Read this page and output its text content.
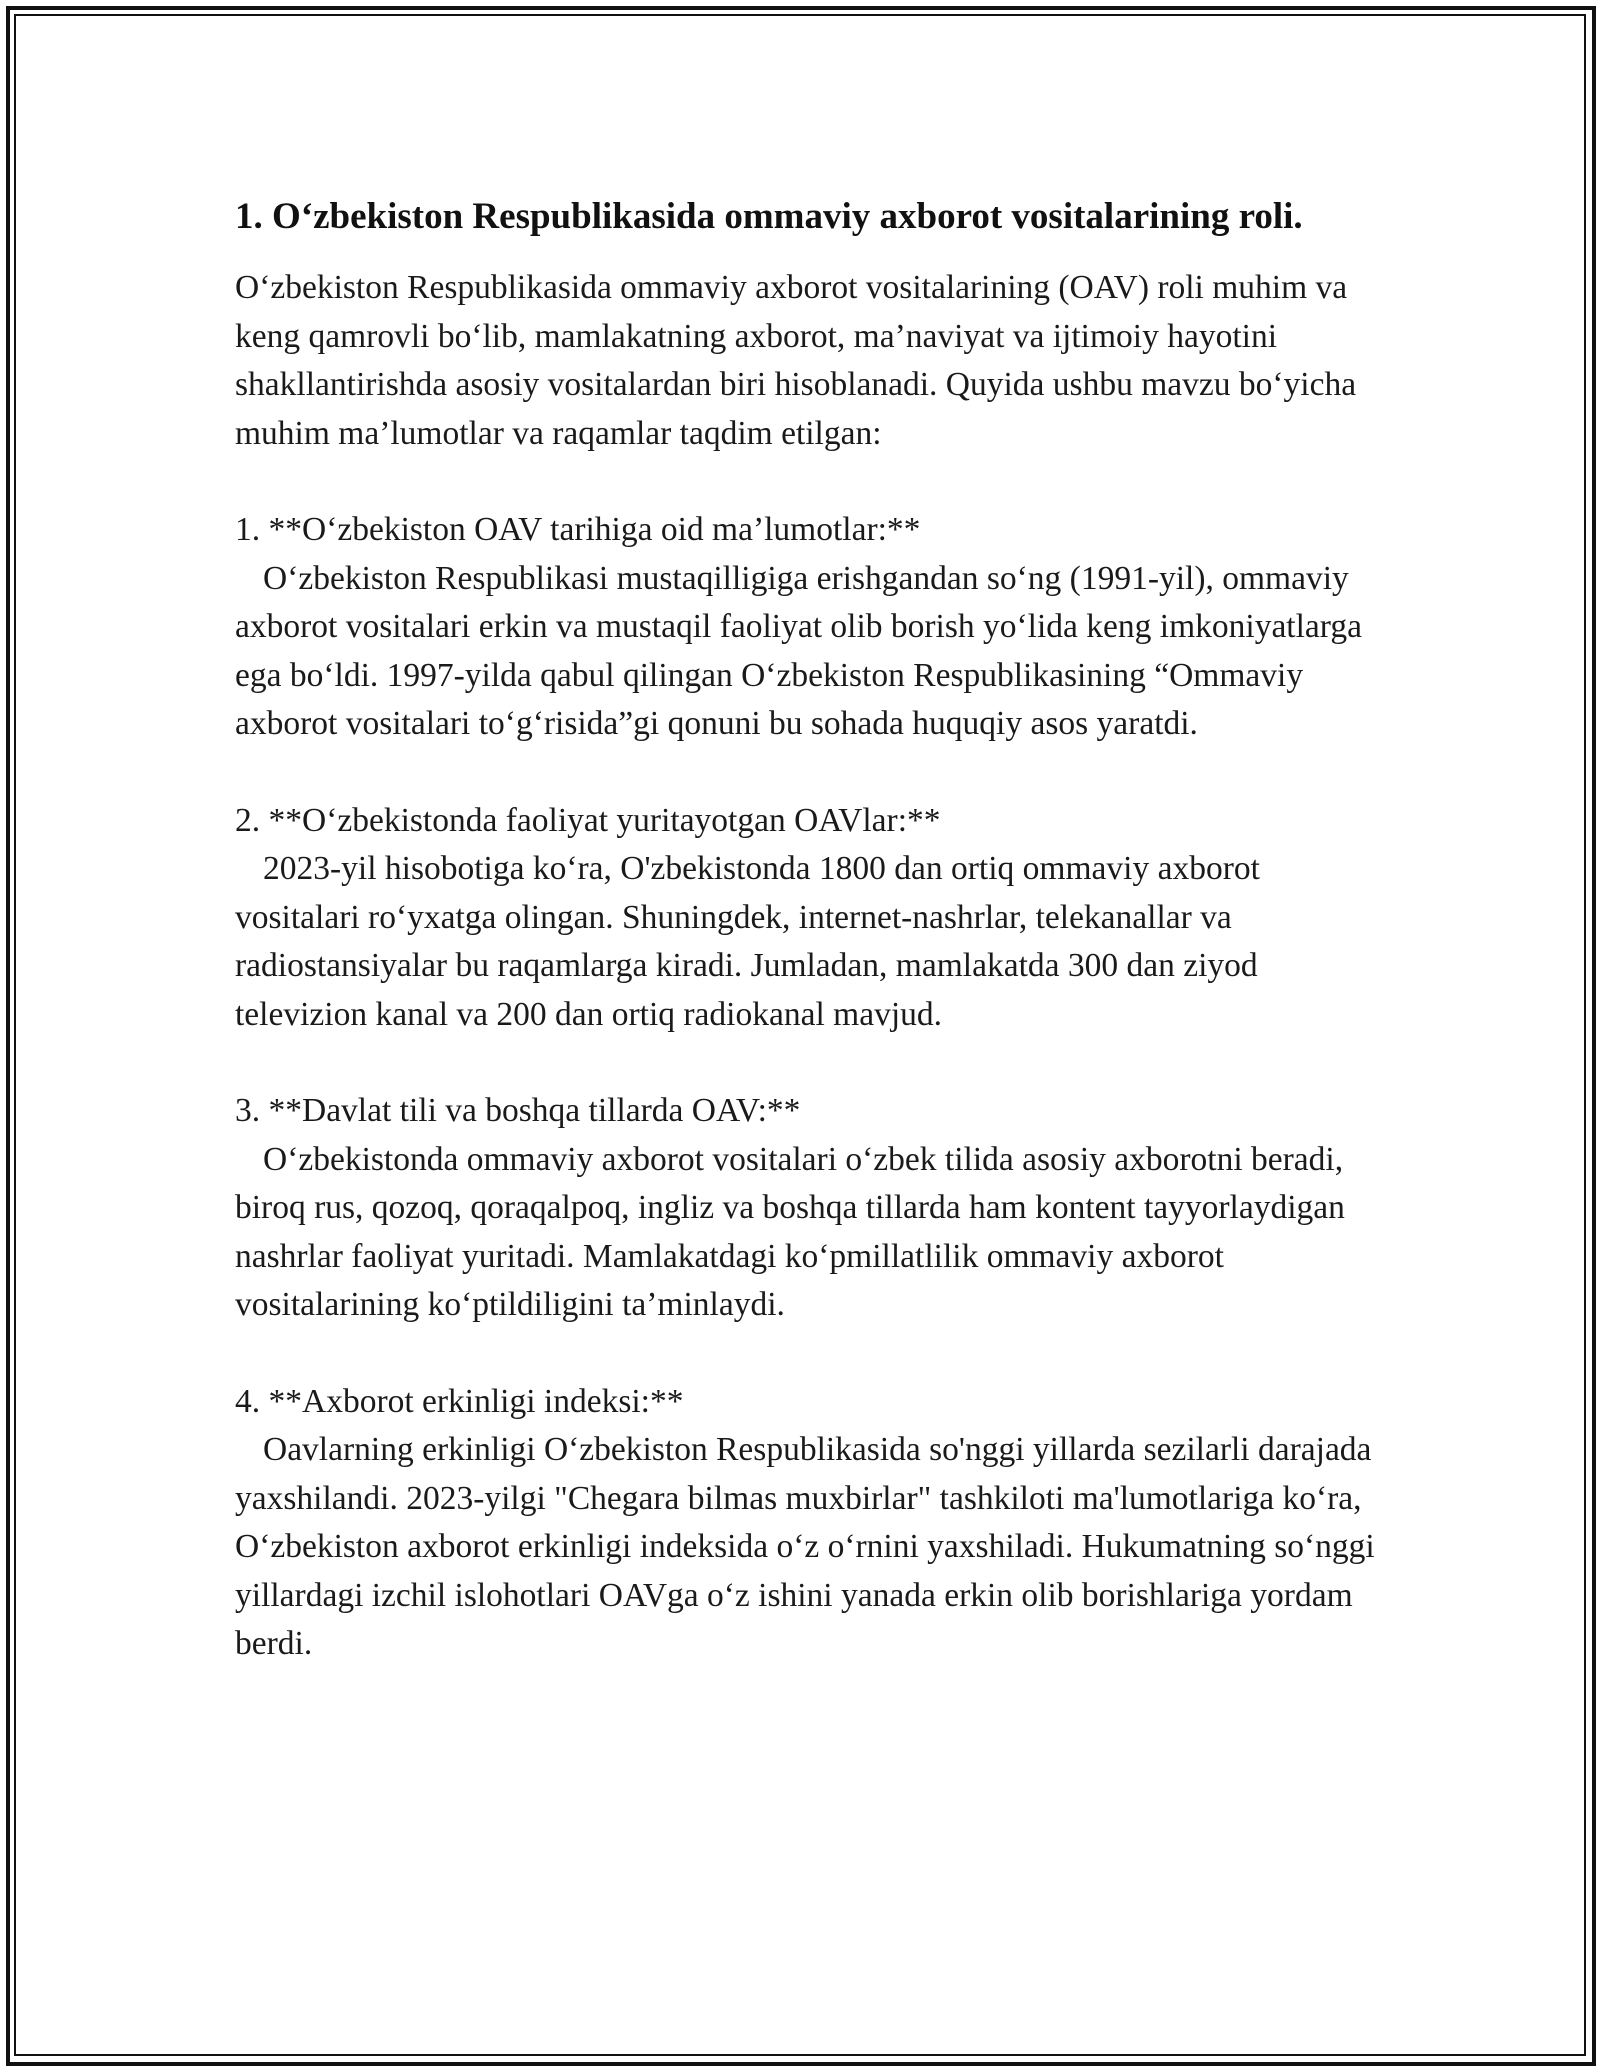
1. O‘zbekiston Respublikasida ommaviy axborot vositalarining roli.

O‘zbekiston Respublikasida ommaviy axborot vositalarining (OAV) roli muhim va keng qamrovli bo‘lib, mamlakatning axborot, ma’naviyat va ijtimoiy hayotini shakllantirishda asosiy vositalardan biri hisoblanadi. Quyida ushbu mavzu bo‘yicha muhim ma’lumotlar va raqamlar taqdim etilgan:

1. **O‘zbekiston OAV tarihiga oid ma’lumotlar:**
O‘zbekiston Respublikasi mustaqilligiga erishgandan so‘ng (1991-yil), ommaviy axborot vositalari erkin va mustaqil faoliyat olib borish yo‘lida keng imkoniyatlarga ega bo‘ldi. 1997-yilda qabul qilingan O‘zbekiston Respublikasining “Ommaviy axborot vositalari to‘g‘risida”gi qonuni bu sohada huquqiy asos yaratdi.
2. **O‘zbekistonda faoliyat yuritayotgan OAVlar:**
2023-yil hisobotiga ko‘ra, O'zbekistonda 1800 dan ortiq ommaviy axborot vositalari ro‘yxatga olingan. Shuningdek, internet-nashrlar, telekanallar va radiostansiyalar bu raqamlarga kiradi. Jumladan, mamlakatda 300 dan ziyod televizion kanal va 200 dan ortiq radiokanal mavjud.
3. **Davlat tili va boshqa tillarda OAV:**
O‘zbekistonda ommaviy axborot vositalari o‘zbek tilida asosiy axborotni beradi, biroq rus, qozoq, qoraqalpoq, ingliz va boshqa tillarda ham kontent tayyorlaydigan nashrlar faoliyat yuritadi. Mamlakatdagi ko‘pmillatlilik ommaviy axborot vositalarining ko‘ptildiligini ta’minlaydi.
4. **Axborot erkinligi indeksi:**
Oavlarning erkinligi O‘zbekiston Respublikasida so'nggi yillarda sezilarli darajada yaxshilandi. 2023-yilgi "Chegara bilmas muxbirlar" tashkiloti ma'lumotlariga ko‘ra, O‘zbekiston axborot erkinligi indeksida o‘z o‘rnini yaxshiladi. Hukumatning so‘nggi yillardagi izchil islohotlari OAVga o‘z ishini yanada erkin olib borishlariga yordam berdi.
